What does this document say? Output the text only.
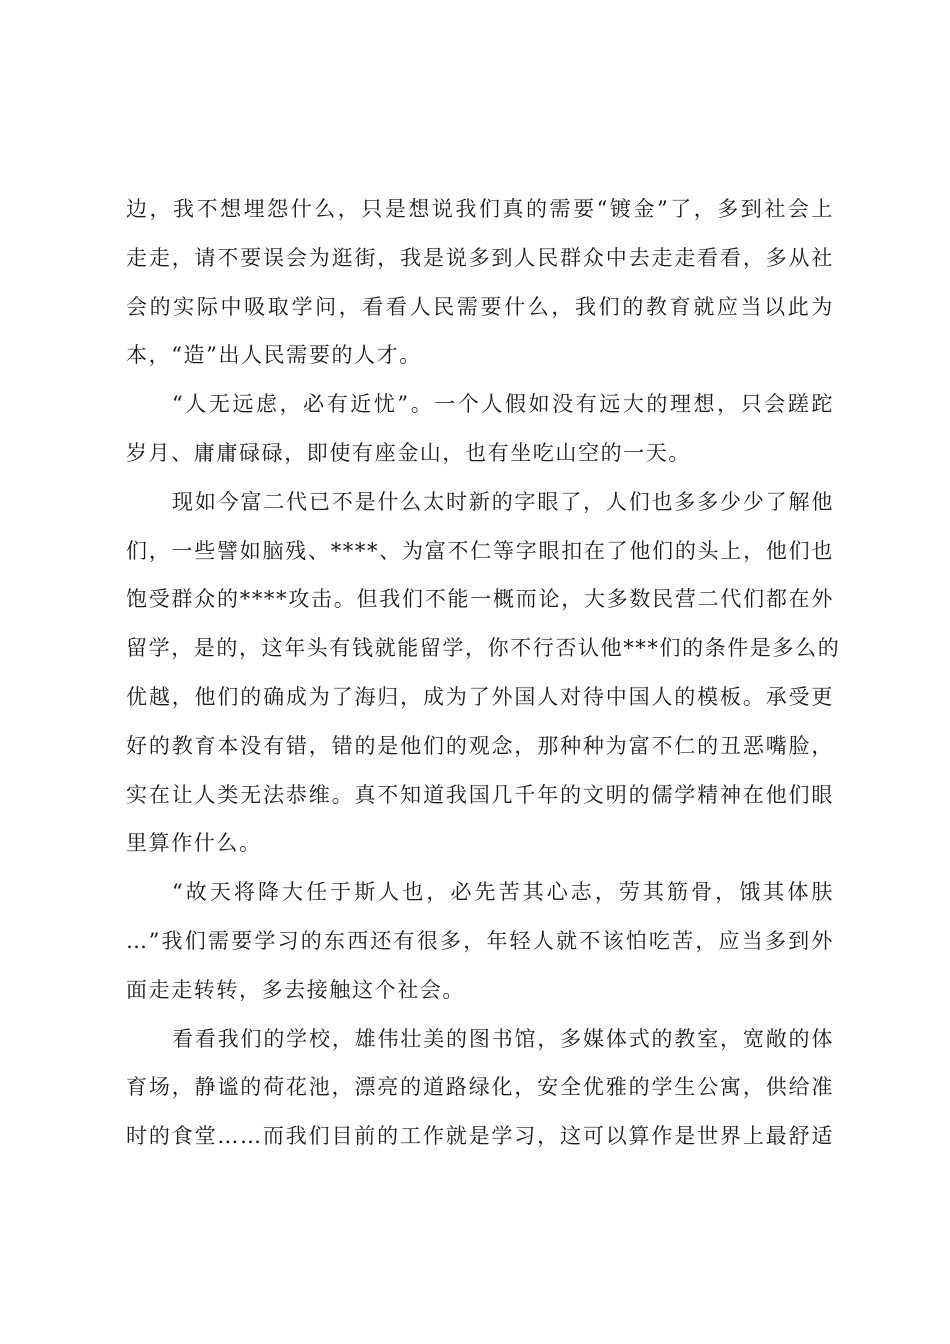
边，我不想埋怨什么，只是想说我们真的需要“镀金”了，多到社会上
走走，请不要误会为逛街，我是说多到人民群众中去走走看看，多从社
会的实际中吸取学问，看看人民需要什么，我们的教育就应当以此为
本，“造”出人民需要的人才。
“人无远虑，必有近忧”。一个人假如没有远大的理想，只会蹉跎
岁月、庸庸碌碌，即使有座金山，也有坐吃山空的一天。
现如今富二代已不是什么太时新的字眼了，人们也多多少少了解他
们，一些譬如脑残、****、为富不仁等字眼扣在了他们的头上，他们也
饱受群众的****攻击。但我们不能一概而论，大多数民营二代们都在外
留学，是的，这年头有钱就能留学，你不行否认他***们的条件是多么的
优越，他们的确成为了海归，成为了外国人对待中国人的模板。承受更
好的教育本没有错，错的是他们的观念，那种种为富不仁的丑恶嘴脸，
实在让人类无法恭维。真不知道我国几千年的文明的儒学精神在他们眼
里算作什么。
“故天将降大任于斯人也，必先苦其心志，劳其筋骨，饿其体肤
…”我们需要学习的东西还有很多，年轻人就不该怕吃苦，应当多到外
面走走转转，多去接触这个社会。
看看我们的学校，雄伟壮美的图书馆，多媒体式的教室，宽敞的体
育场，静谧的荷花池，漂亮的道路绿化，安全优雅的学生公寓，供给准
时的食堂……而我们目前的工作就是学习，这可以算作是世界上最舒适
